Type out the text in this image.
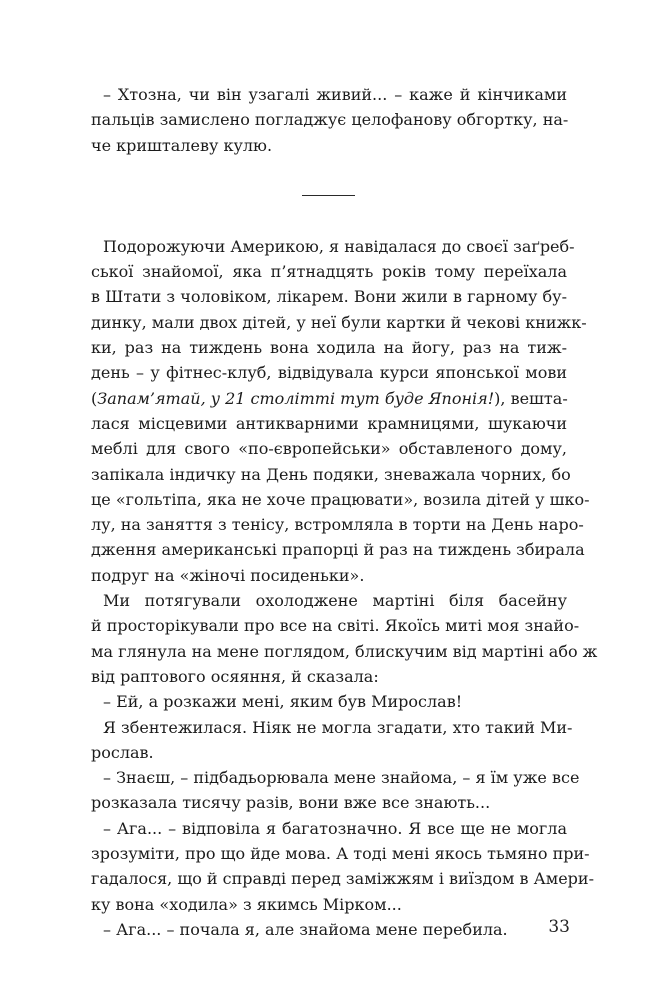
– Хтозна, чи він узагалі живий... – каже й кінчиками
пальців замислено погладжує целофанову обгортку, на-
че кришталеву кулю.
Подорожуючи Америкою, я навідалася до своєї заґреб-
ської знайомої, яка п’ятнадцять років тому переїхала
в Штати з чоловіком, лікарем. Вони жили в гарному бу-
динку, мали двох дітей, у неї були картки й чекові книжк-
ки, раз на тиждень вона ходила на йогу, раз на тиж-
день – у фітнес-клуб, відвідувала курси японської мови
(Запам’ятай, у 21 столітті тут буде Японія!), вешта-
лася місцевими антикварними крамницями, шукаючи
меблі для свого «по-європейськи» обставленого дому,
запікала індичку на День подяки, зневажала чорних, бо
це «гольтіпа, яка не хоче працювати», возила дітей у шко-
лу, на заняття з тенісу, встромляла в торти на День наро-
дження американські прапорці й раз на тиждень збирала
подруг на «жіночі посиденьки».
Ми потягували охолоджене мартіні біля басейну
й просторікували про все на світі. Якоїсь миті моя знайо-
ма глянула на мене поглядом, блискучим від мартіні або ж
від раптового осяяння, й сказала:
– Ей, а розкажи мені, яким був Мирослав!
Я збентежилася. Ніяк не могла згадати, хто такий Ми-
рослав.
– Знаєш, – підбадьорювала мене знайома, – я їм уже все
розказала тисячу разів, вони вже все знають...
– Ага... – відповіла я багатозначно. Я все ще не могла
зрозуміти, про що йде мова. А тоді мені якось тьмяно при-
гадалося, що й справді перед заміжжям і виїздом в Амери-
ку вона «ходила» з якимсь Мірком...
– Ага... – почала я, але знайома мене перебила.	33
